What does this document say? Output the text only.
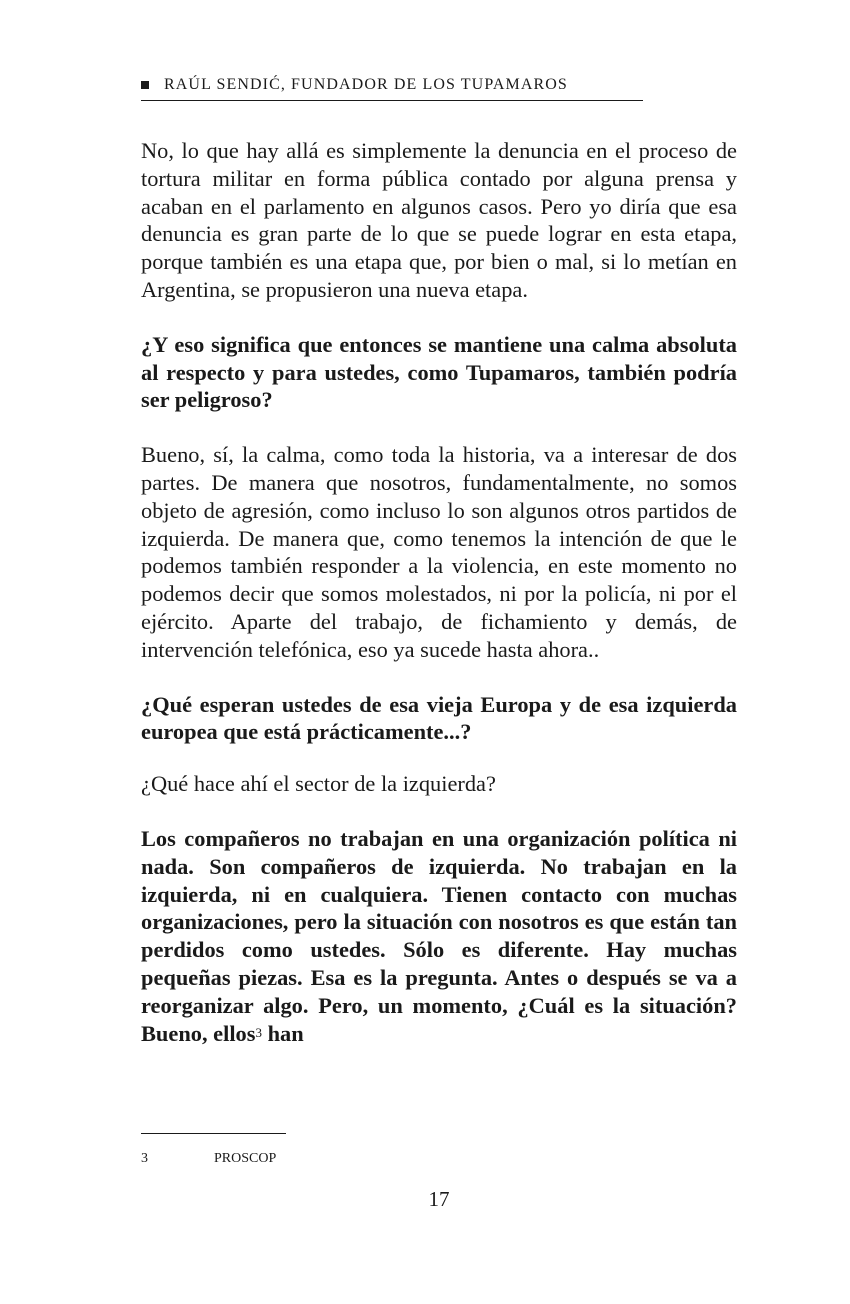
RAÚL SENDIĆ, FUNDADOR DE LOS TUPAMAROS

No, lo que hay allá es simplemente la denuncia en el proceso de tortura militar en forma pública contado por alguna prensa y acaban en el parlamento en algunos casos. Pero yo diría que esa denuncia es gran parte de lo que se puede lograr en esta etapa, porque también es una etapa que, por bien o mal, si lo metían en Argentina, se propusieron una nueva etapa.

¿Y eso significa que entonces se mantiene una calma absoluta al respecto y para ustedes, como Tupamaros, también podría ser peligroso?

Bueno, sí, la calma, como toda la historia, va a interesar de dos partes. De manera que nosotros, fundamentalmente, no somos objeto de agresión, como incluso lo son algunos otros partidos de izquierda. De manera que, como tenemos la intención de que le podemos también responder a la violencia, en este momento no podemos decir que somos molestados, ni por la policía, ni por el ejército. Aparte del trabajo, de fichamiento y demás, de intervención telefónica, eso ya sucede hasta ahora..

¿Qué esperan ustedes de esa vieja Europa y de esa izquierda europea que está prácticamente...?

¿Qué hace ahí el sector de la izquierda?

Los compañeros no trabajan en una organización política ni nada. Son compañeros de izquierda. No trabajan en la izquierda, ni en cualquiera. Tienen contacto con muchas organizaciones, pero la situación con nosotros es que están tan perdidos como ustedes. Sólo es diferente. Hay muchas pequeñas piezas. Esa es la pregunta. Antes o después se va a reorganizar algo. Pero, un momento, ¿Cuál es la situación? Bueno, ellos$^3$ han

3	PROSCOP
17
